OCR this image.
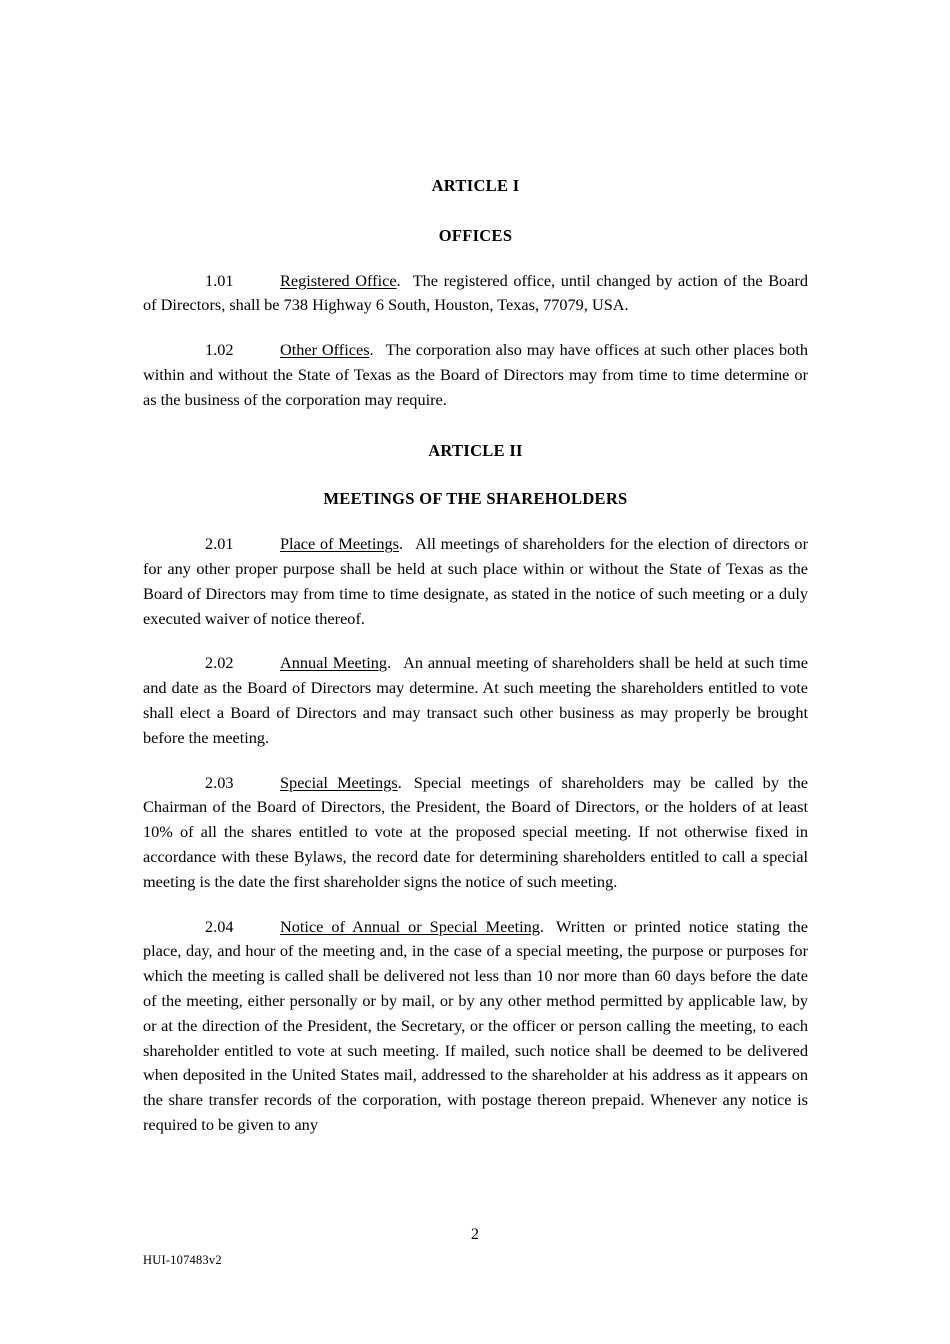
ARTICLE I

OFFICES

1.01	Registered Office. The registered office, until changed by action of the Board of Directors, shall be 738 Highway 6 South, Houston, Texas, 77079, USA.

1.02	Other Offices. The corporation also may have offices at such other places both within and without the State of Texas as the Board of Directors may from time to time determine or as the business of the corporation may require.

ARTICLE II

MEETINGS OF THE SHAREHOLDERS

2.01	Place of Meetings. All meetings of shareholders for the election of directors or for any other proper purpose shall be held at such place within or without the State of Texas as the Board of Directors may from time to time designate, as stated in the notice of such meeting or a duly executed waiver of notice thereof.

2.02	Annual Meeting. An annual meeting of shareholders shall be held at such time and date as the Board of Directors may determine. At such meeting the shareholders entitled to vote shall elect a Board of Directors and may transact such other business as may properly be brought before the meeting.

2.03	Special Meetings. Special meetings of shareholders may be called by the Chairman of the Board of Directors, the President, the Board of Directors, or the holders of at least 10% of all the shares entitled to vote at the proposed special meeting. If not otherwise fixed in accordance with these Bylaws, the record date for determining shareholders entitled to call a special meeting is the date the first shareholder signs the notice of such meeting.

2.04	Notice of Annual or Special Meeting. Written or printed notice stating the place, day, and hour of the meeting and, in the case of a special meeting, the purpose or purposes for which the meeting is called shall be delivered not less than 10 nor more than 60 days before the date of the meeting, either personally or by mail, or by any other method permitted by applicable law, by or at the direction of the President, the Secretary, or the officer or person calling the meeting, to each shareholder entitled to vote at such meeting. If mailed, such notice shall be deemed to be delivered when deposited in the United States mail, addressed to the shareholder at his address as it appears on the share transfer records of the corporation, with postage thereon prepaid. Whenever any notice is required to be given to any

2
HUI-107483v2
